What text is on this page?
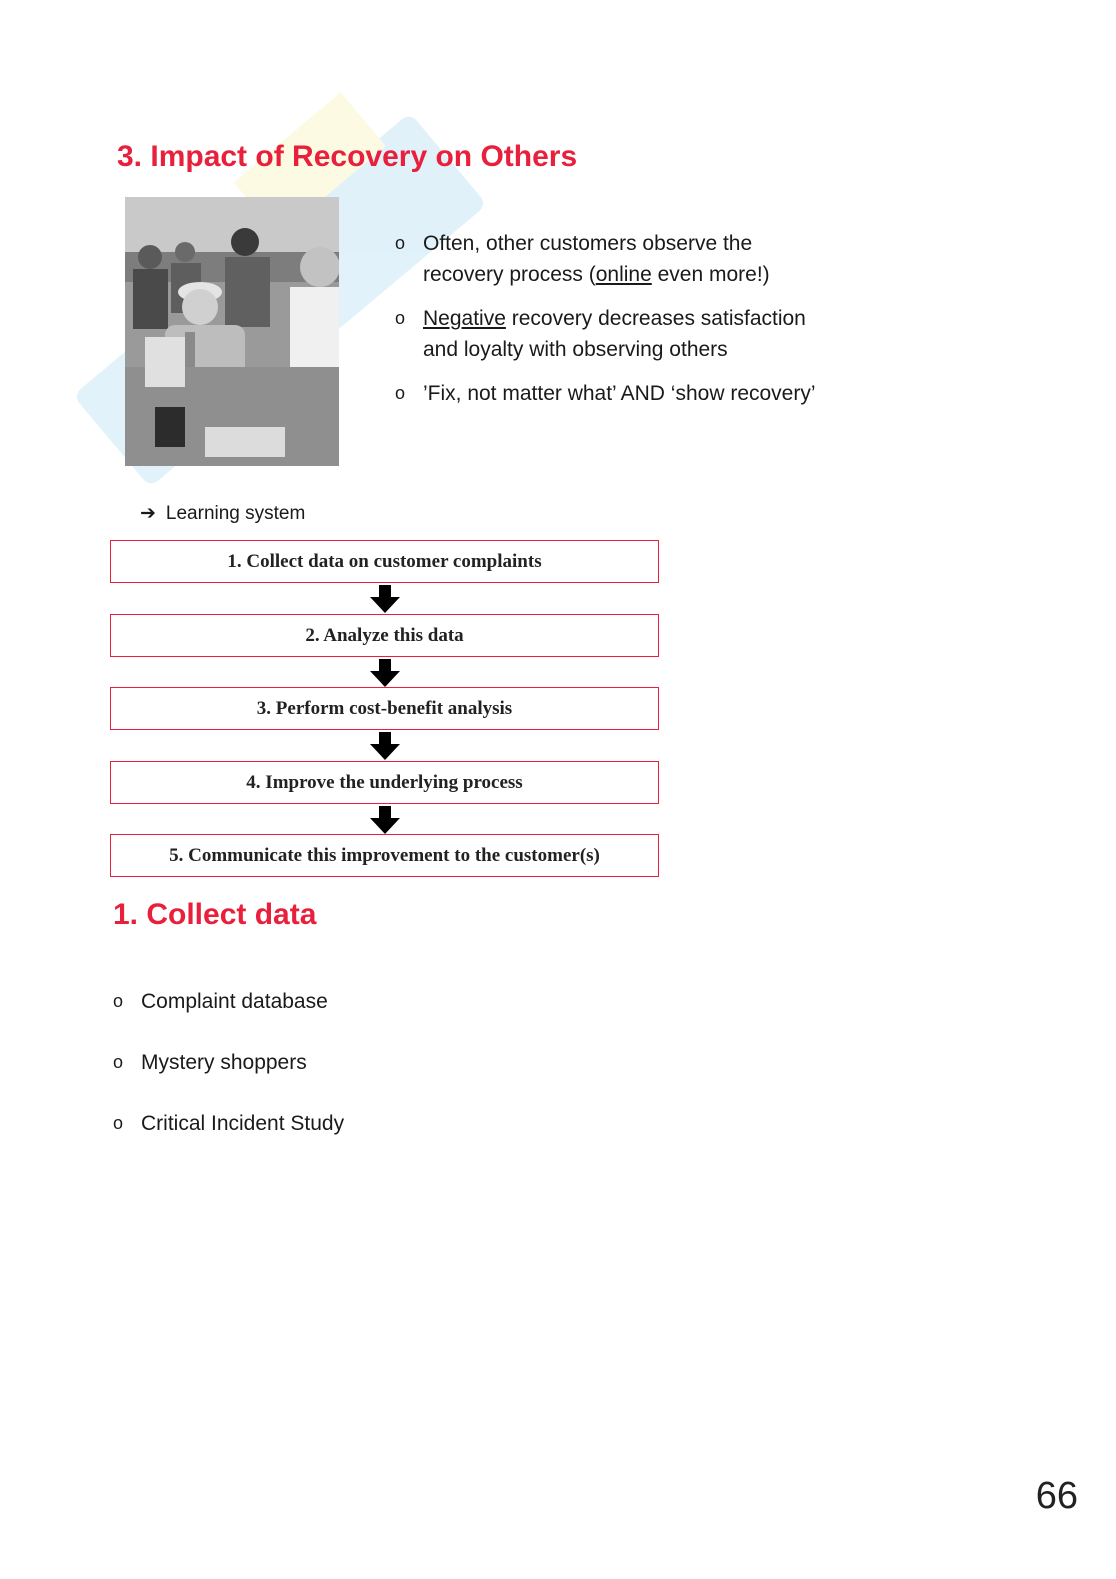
3. Impact of Recovery on Others
o Often, other customers observe the recovery process (online even more!)
o Negative recovery decreases satisfaction and loyalty with observing others
o ’Fix, not matter what’ AND ‘show recovery’
➔ Learning system
1. Collect data on customer complaints
2. Analyze this data
3. Perform cost-benefit analysis
4. Improve the underlying process
5. Communicate this improvement to the customer(s)
1. Collect data
o Complaint database
o Mystery shoppers
o Critical Incident Study
66
